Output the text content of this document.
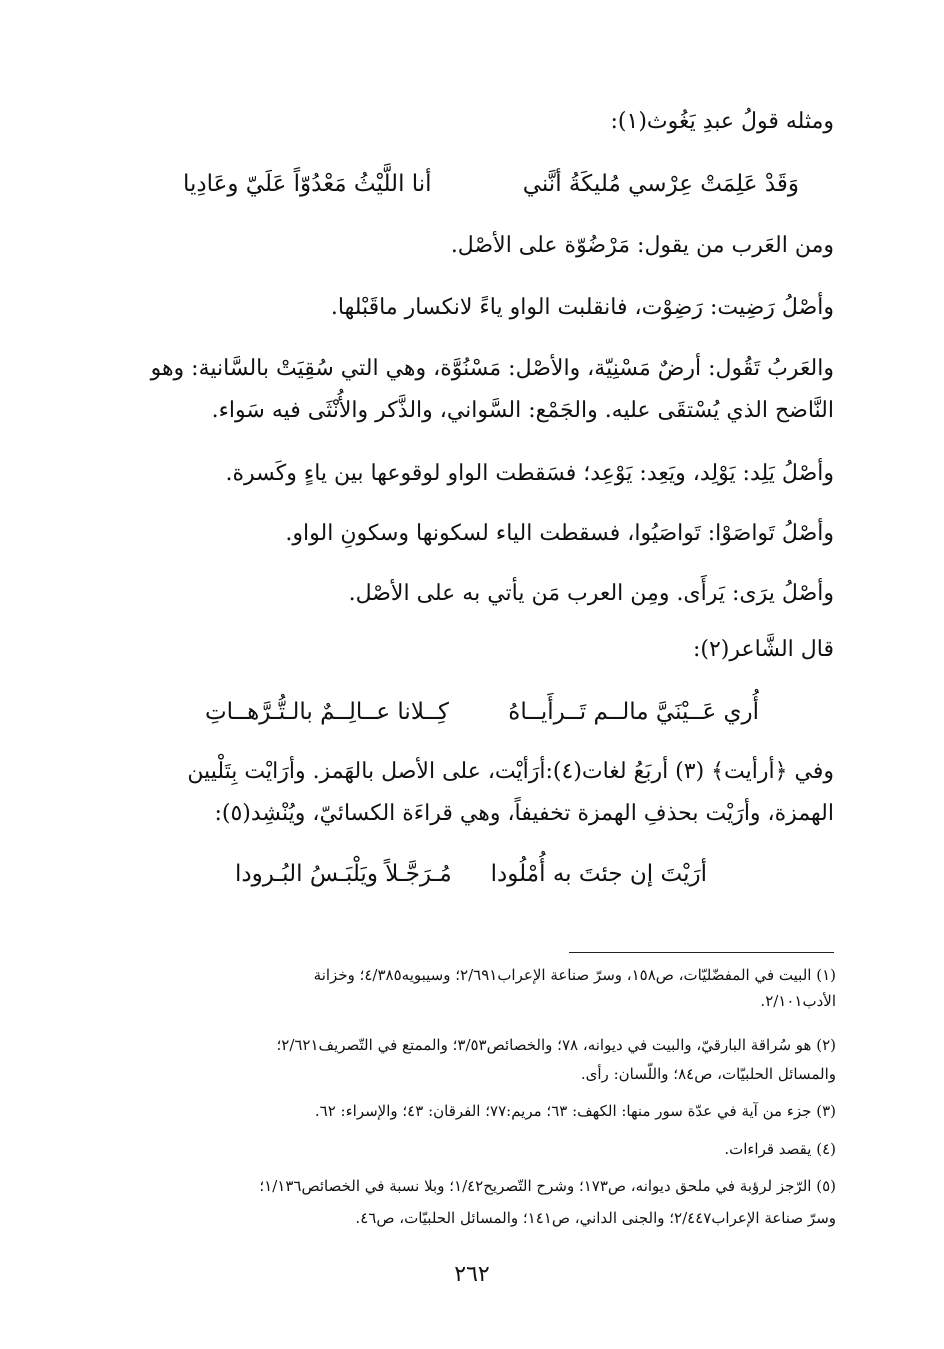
ومثله قولُ عبدِ يَغُوث(١):
وَقَدْ عَلِمَتْ عِرْسي مُليكَةُ أنَّني
أنا اللَّيْثُ مَعْدُوّاً عَلَيّ وعَادِيا
ومن العَرب من يقول: مَرْضُوّة على الأصْل.
وأصْلُ رَضِيت: رَضِوْت، فانقلبت الواو ياءً لانكسار ماقَبْلها.
والعَربُ تَقُول: أرضٌ مَسْنِيّة، والأصْل: مَسْنُوَّة، وهي التي سُقِيَتْ بالسَّانية: وهو
النَّاضح الذي يُسْتقَى عليه. والجَمْع: السَّواني، والذَّكر والأُنْثَى فيه سَواء.
وأصْلُ يَلِد: يَوْلِد، ويَعِد: يَوْعِد؛ فسَقطت الواو لوقوعها بين ياءٍ وكَسرة.
وأصْلُ تَواصَوْا: تَواصَيُوا، فسقطت الياء لسكونها وسكونِ الواو.
وأصْلُ يرَى: يَرأَى. ومِن العرب مَن يأتي به على الأصْل.
قال الشَّاعر(٢):
أُري عَــيْنَيَّ مالــم تَــرأَيــاهُ
كِــلانا عــالِــمٌ بالـتُّـرَّهــاتِ
وفي ﴿أرأيت﴾ (٣) أربَعُ لغات(٤):أرَأيْت، على الأصل بالهَمز. وأرَايْت بِتَلْيين
الهمزة، وأرَيْت بحذفِ الهمزة تخفيفاً، وهي قراءَة الكسائيّ، ويُنْشِد(٥):
أرَيْتَ إن جئتَ به أُمْلُودا
مُـرَجَّـلاً ويَلْبَـسُ البُـرودا
(١) البيت في المفضّليّات، ص١٥٨، وسرّ صناعة الإعراب٢/٦٩١؛ وسيبويه٤/٣٨٥؛ وخزانة
الأدب٢/١٠١.
(٢) هو سُراقة البارقيّ، والبيت في ديوانه، ٧٨؛ والخصائص٣/٥٣؛ والممتع في التّصريف٢/٦٢١؛
والمسائل الحلبيّات، ص٨٤؛ واللّسان: رأى.
(٣) جزء من آية في عدّة سور منها: الكهف: ٦٣؛ مريم:٧٧؛ الفرقان: ٤٣؛ والإسراء: ٦٢.
(٤) يقصد قراءات.
(٥) الرّجز لرؤبة في ملحق ديوانه، ص١٧٣؛ وشرح التّصريح١/٤٢؛ وبلا نسبة في الخصائص١/١٣٦؛
وسرّ صناعة الإعراب٢/٤٤٧؛ والجنى الداني، ص١٤١؛ والمسائل الحلبيّات، ص٤٦.
٢٦٢
